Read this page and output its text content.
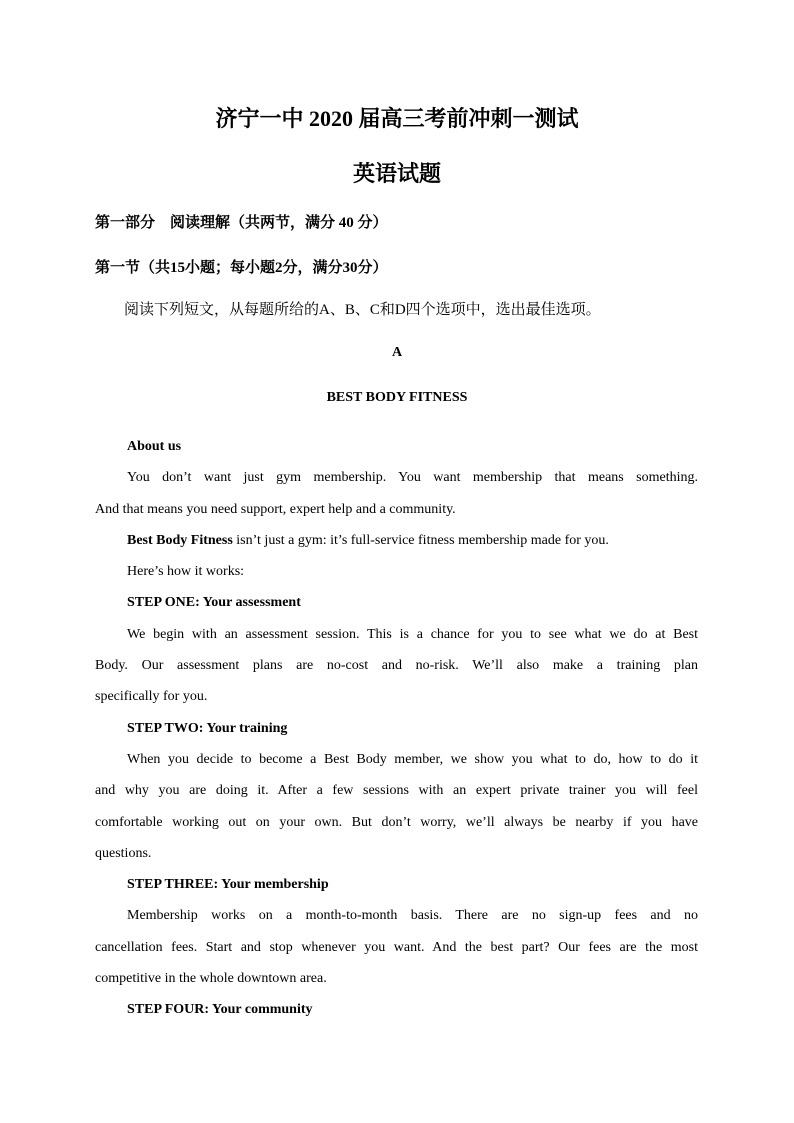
济宁一中 2020 届高三考前冲刺一测试
英语试题
第一部分　阅读理解（共两节，满分 40 分）
第一节（共15小题；每小题2分，满分30分）
阅读下列短文，从每题所给的A、B、C和D四个选项中，选出最佳选项。
A
BEST BODY FITNESS
About us
You don’t want just gym membership. You want membership that means something.
And that means you need support, expert help and a community.
Best Body Fitness isn’t just a gym: it’s full-service fitness membership made for you.
Here’s how it works:
STEP ONE: Your assessment
We begin with an assessment session. This is a chance for you to see what we do at Best
Body. Our assessment plans are no-cost and no-risk. We’ll also make a training plan
specifically for you.
STEP TWO: Your training
When you decide to become a Best Body member, we show you what to do, how to do it
and why you are doing it. After a few sessions with an expert private trainer you will feel
comfortable working out on your own. But don’t worry, we’ll always be nearby if you have
questions.
STEP THREE: Your membership
Membership works on a month-to-month basis. There are no sign-up fees and no
cancellation fees. Start and stop whenever you want. And the best part? Our fees are the most
competitive in the whole downtown area.
STEP FOUR: Your community
